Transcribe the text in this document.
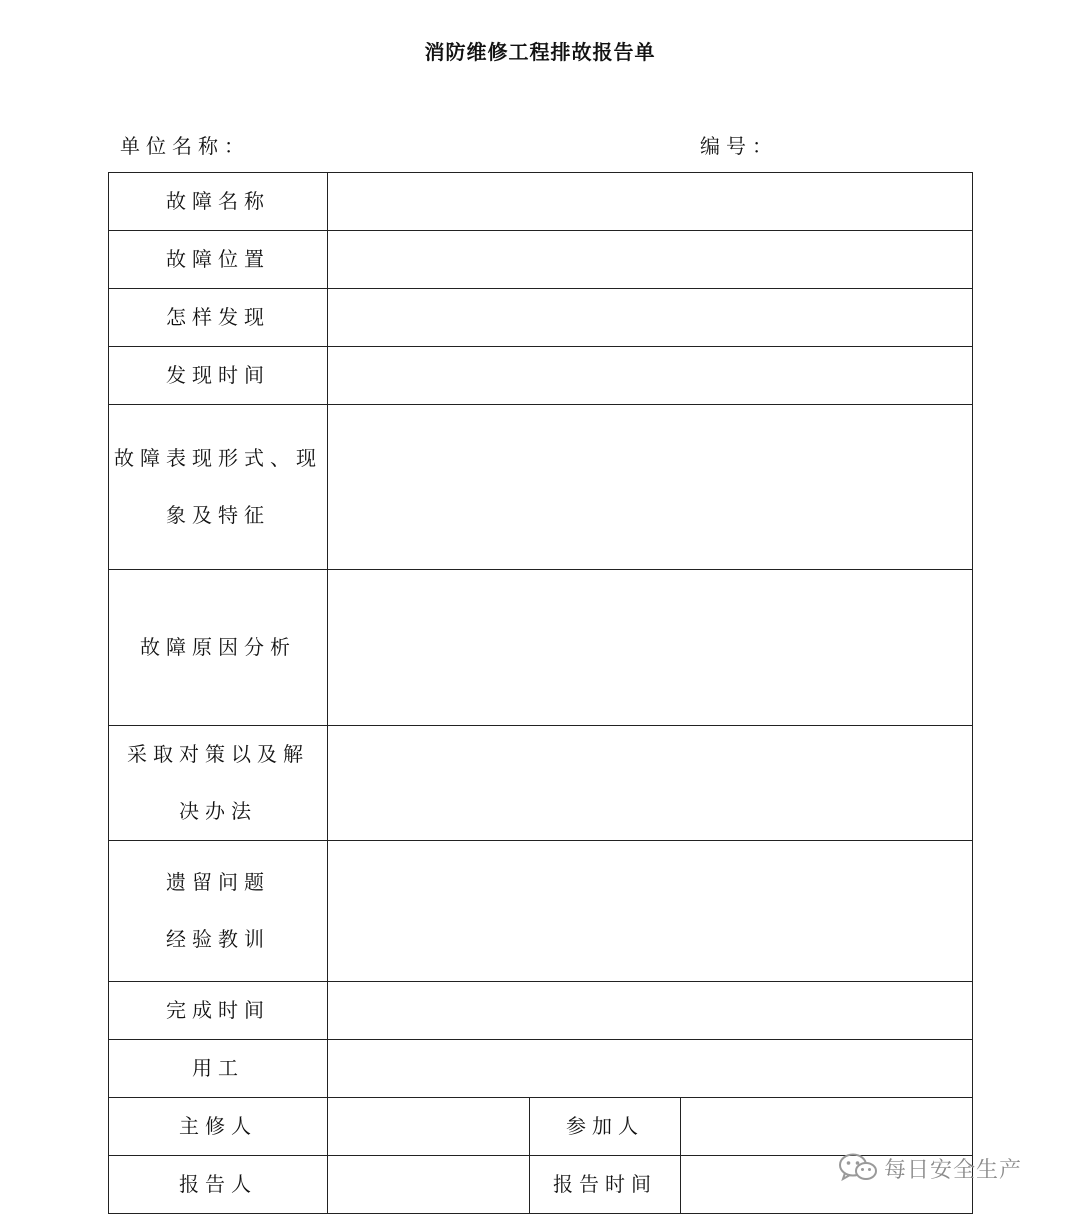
消防维修工程排故报告单
单位名称：	编号：
故障名称			
故障位置			
怎样发现			
发现时间			

故障表现形式、现
象及特征			

故障原因分析			

采取对策以及解
决办法			

遗留问题
经验教训			

完成时间			
用工			
主修人		参加人	
报告人		报告时间	
每日安全生产
